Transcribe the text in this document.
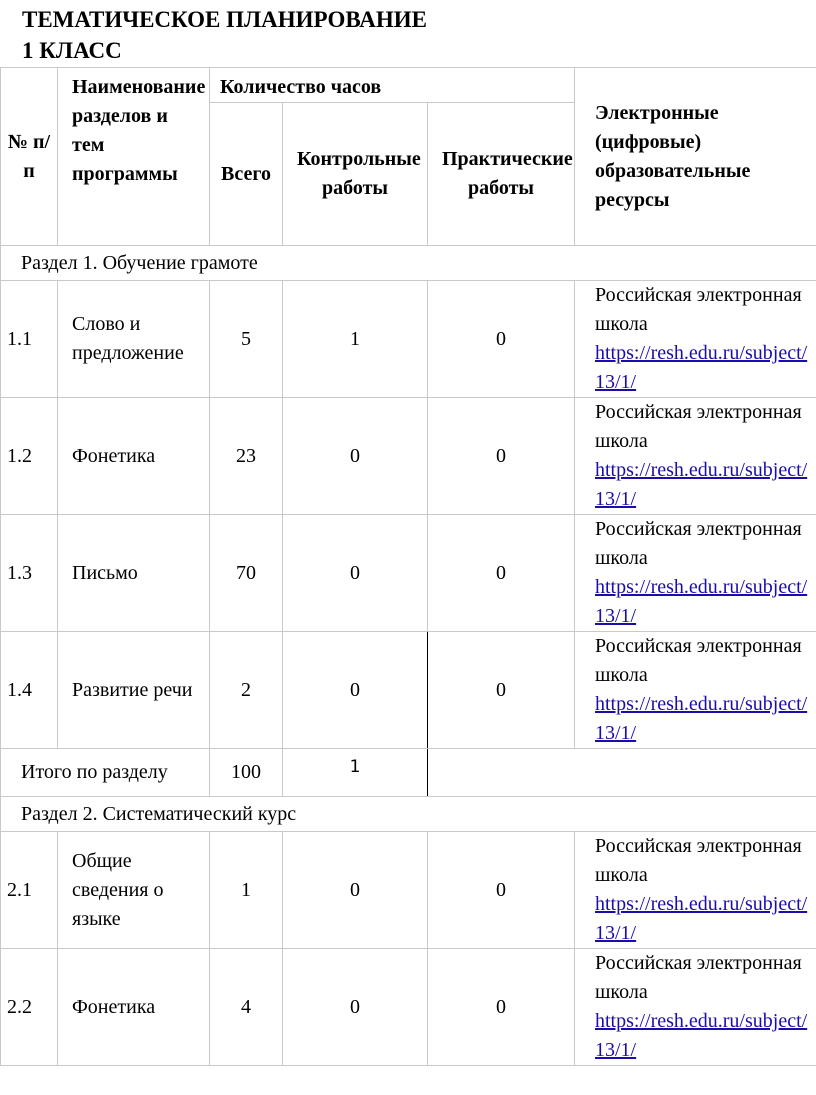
ТЕМАТИЧЕСКОЕ ПЛАНИРОВАНИЕ
1 КЛАСС
№ п/п	Наименование разделов и тем программы	Количество часов			Электронные (цифровые) образовательные ресурсы
		Всего	Контрольные работы	Практические работы	
Раздел 1. Обучение грамоте					
1.1	Слово и предложение	5	1	0	Российская электронная школа
https://resh.edu.ru/subject/13/1/
1.2	Фонетика	23	0	0	Российская электронная школа
https://resh.edu.ru/subject/13/1/
1.3	Письмо	70	0	0	Российская электронная школа
https://resh.edu.ru/subject/13/1/
1.4	Развитие речи	2	0	0	Российская электронная школа
https://resh.edu.ru/subject/13/1/
Итого по разделу		100	1		
Раздел 2. Систематический курс					
2.1	Общие сведения о языке	1	0	0	Российская электронная школа
https://resh.edu.ru/subject/13/1/
2.2	Фонетика	4	0	0	Российская электронная школа
https://resh.edu.ru/subject/13/1/
